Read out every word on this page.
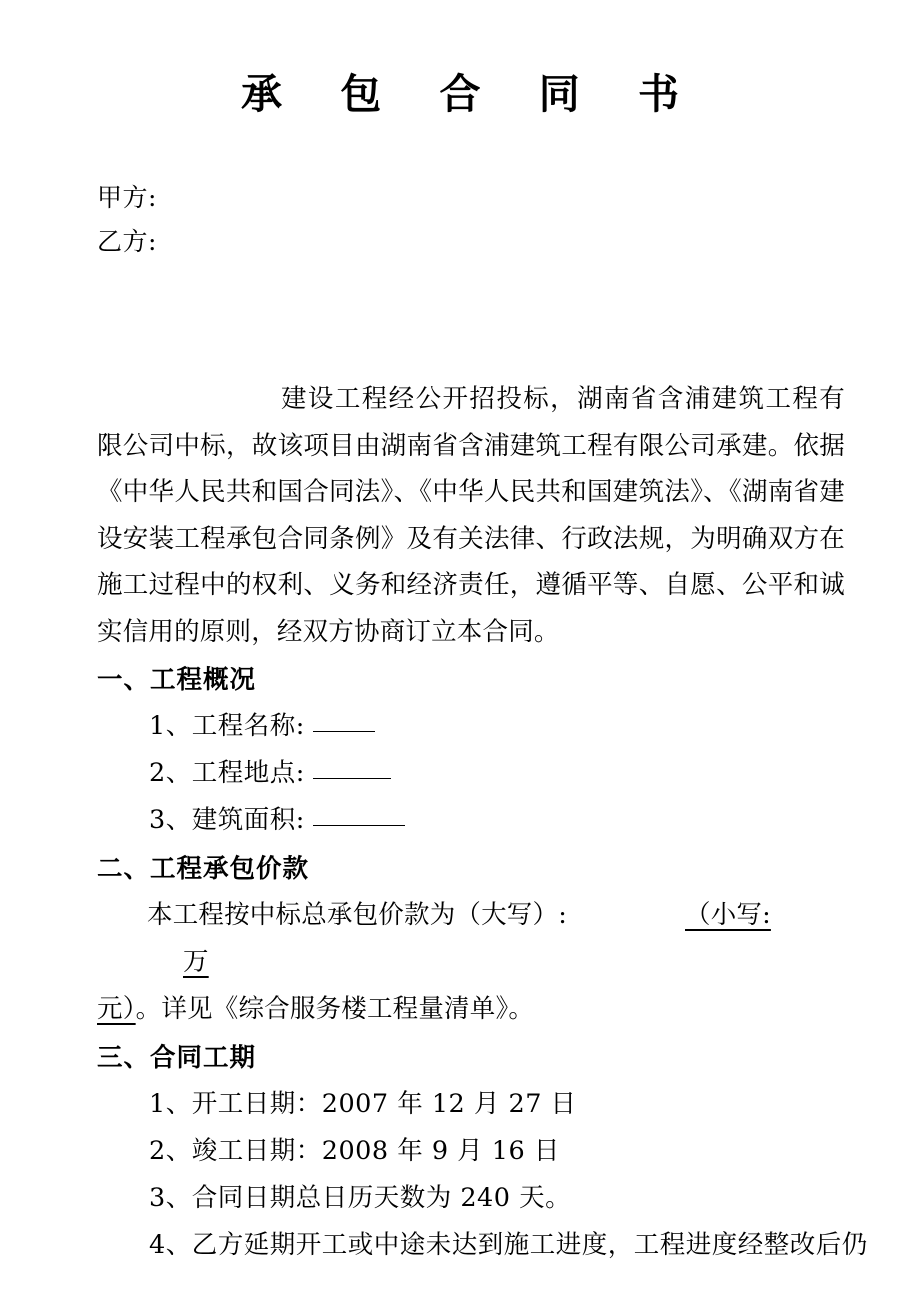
承 包 合 同 书
甲方:
乙方:
建设工程经公开招投标，湖南省含浦建筑工程有限公司中标，故该项目由湖南省含浦建筑工程有限公司承建。依据《中华人民共和国合同法》、《中华人民共和国建筑法》、《湖南省建设安装工程承包合同条例》及有关法律、行政法规，为明确双方在施工过程中的权利、义务和经济责任，遵循平等、自愿、公平和诚实信用的原则，经双方协商订立本合同。
一、工程概况
1、工程名称:
2、工程地点:
3、建筑面积:
二、工程承包价款
本工程按中标总承包价款为（大写）:	（小写:万
元）。详见《综合服务楼工程量清单》。
三、合同工期
1、开工日期：2007 年 12 月 27 日
2、竣工日期：2008 年 9 月 16 日
3、合同日期总日历天数为 240 天。
4、乙方延期开工或中途未达到施工进度，工程进度经整改后仍
